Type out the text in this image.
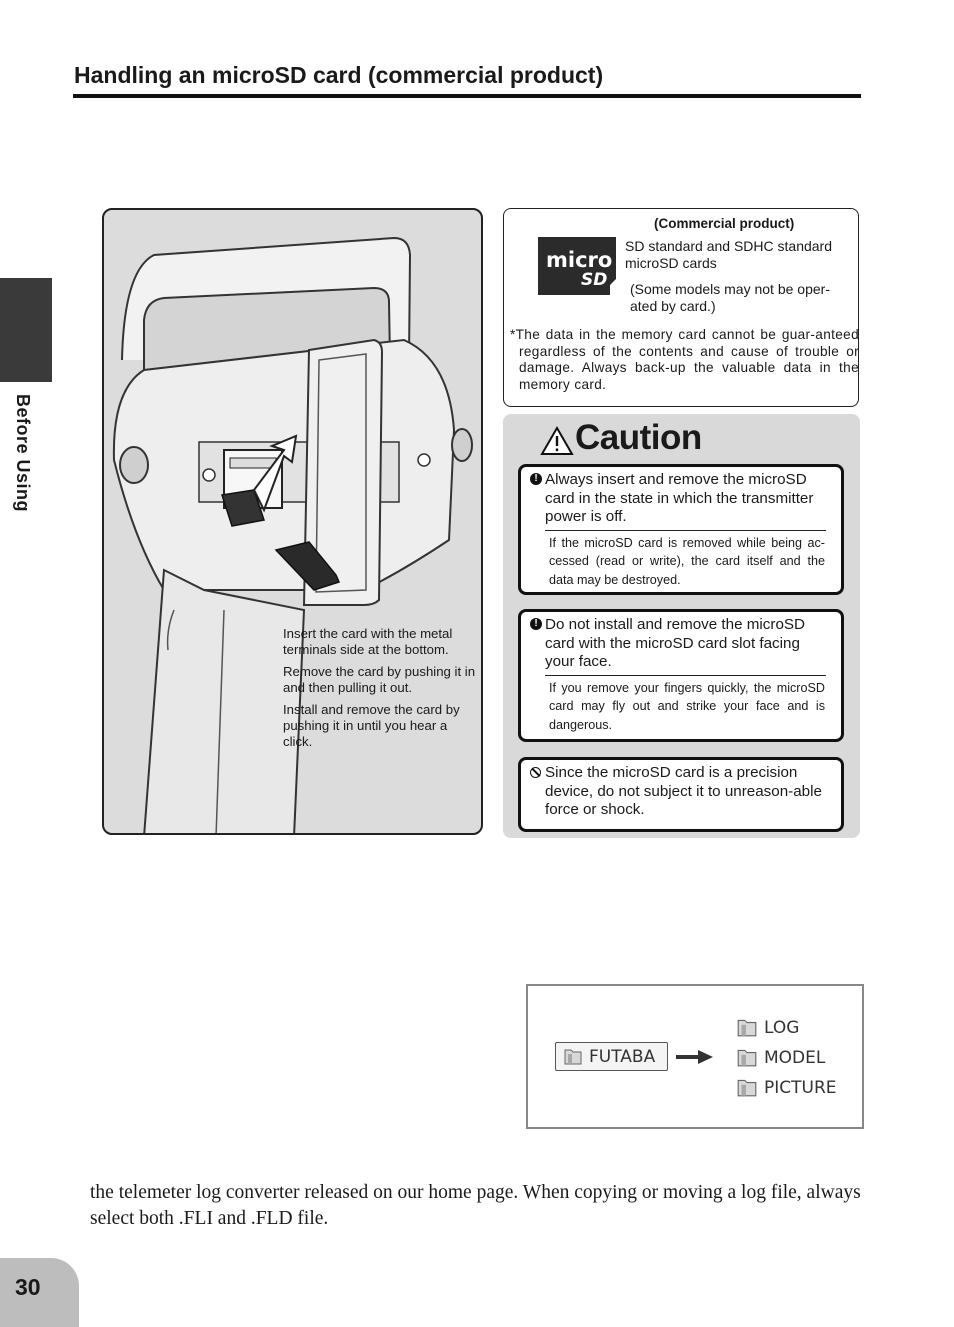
Handling an microSD card (commercial product)
Before Using

Insert the card with the metal terminals side at the bottom.

Remove the card by pushing it in and then pulling it out.

Install and remove the card by pushing it in until you hear a click.

(Commercial product)
micro
SD
SD standard and SDHC standard microSD cards
(Some models may not be oper-ated by card.)
*The data in the memory card cannot be guar-anteed regardless of the contents and cause of trouble or damage. Always back-up the valuable data in the memory card.
Caution
! Always insert and remove the microSD card in the state in which the transmitter power is off.
If the microSD card is removed while being ac-cessed (read or write), the card itself and the data may be destroyed.
! Do not install and remove the microSD card with the microSD card slot facing your face.
If you remove your fingers quickly, the microSD card may fly out and strike your face and is dangerous.
Since the microSD card is a precision device, do not subject it to unreason-able force or shock.
FUTABA
LOG
MODEL
PICTURE

the telemeter log converter released on our home page. When copying or moving a log file, always select both .FLI and .FLD file.

30
